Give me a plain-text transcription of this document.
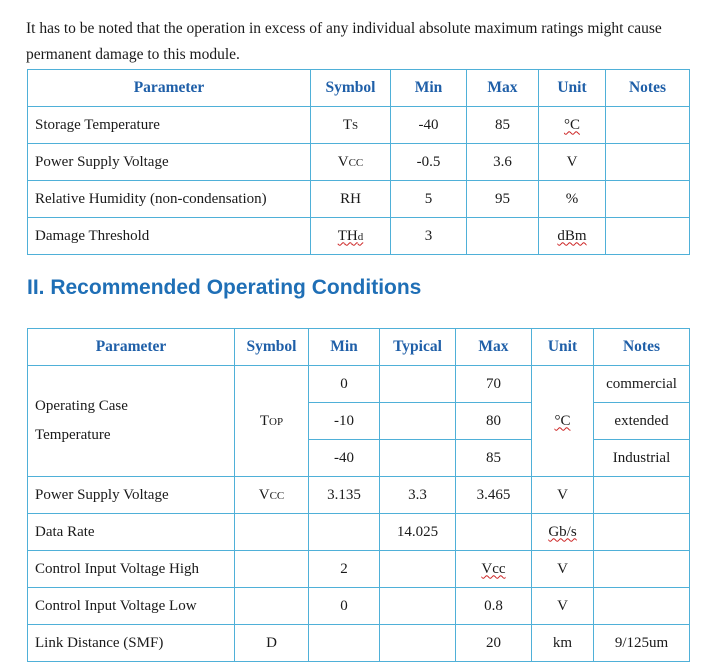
It has to be noted that the operation in excess of any individual absolute maximum ratings might cause permanent damage to this module.

Parameter	Symbol	Min	Max	Unit	Notes
Storage Temperature	TS	-40	85	°C	
Power Supply Voltage	VCC	-0.5	3.6	V	
Relative Humidity (non-condensation)	RH	5	95	%	
Damage Threshold	THd	3		dBm	
II. Recommended Operating Conditions
Parameter	Symbol	Min	Typical	Max	Unit	Notes
Operating Case
Temperature	TOP	0		70	°C	commercial
		-10		80		extended
		-40		85		Industrial
Power Supply Voltage	VCC	3.135	3.3	3.465	V	
Data Rate			14.025		Gb/s	
Control Input Voltage High		2		Vcc	V	
Control Input Voltage Low		0		0.8	V	
Link Distance (SMF)	D			20	km	9/125um
